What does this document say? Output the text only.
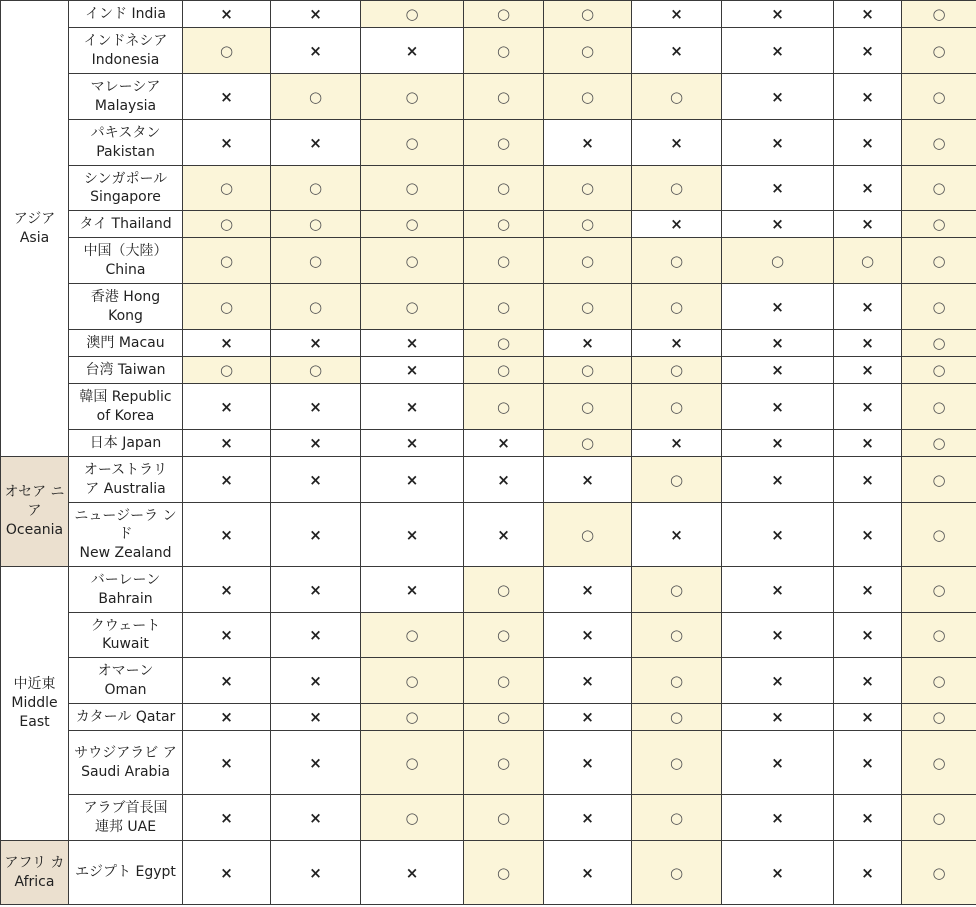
アジア
Asia	インド India	×	×	○	○	○	×	×	×	○

	インドネシア
Indonesia	○	×	×	○	○	×	×	×	○

	マレーシア
Malaysia	×	○	○	○	○	○	×	×	○

	パキスタン
Pakistan	×	×	○	○	×	×	×	×	○

	シンガポール
Singapore	○	○	○	○	○	○	×	×	○
	タイ Thailand	○	○	○	○	○	×	×	×	○

	中国（大陸）
China	○	○	○	○	○	○	○	○	○

	香港 Hong
Kong	○	○	○	○	○	○	×	×	○
	澳門 Macau	×	×	×	○	×	×	×	×	○
	台湾 Taiwan	○	○	×	○	○	○	×	×	○

	韓国 Republic
of Korea	×	×	×	○	○	○	×	×	○
	日本 Japan	×	×	×	×	○	×	×	×	○

オセア ニア
Oceania	オーストラリ
ア Australia	×	×	×	×	×	○	×	×	○

	ニュージーラ ンド
New Zealand	×	×	×	×	○	×	×	×	○

中近東
Middle East	バーレーン
Bahrain	×	×	×	○	×	○	×	×	○

	クウェート
Kuwait	×	×	○	○	×	○	×	×	○

	オマーン
Oman	×	×	○	○	×	○	×	×	○
	カタール Qatar	×	×	○	○	×	○	×	×	○

	サウジアラビ ア
Saudi Arabia	×	×	○	○	×	○	×	×	○

	アラブ首長国
連邦 UAE	×	×	○	○	×	○	×	×	○

アフリ カ
Africa	エジプト Egypt	×	×	×	○	×	○	×	×	○
